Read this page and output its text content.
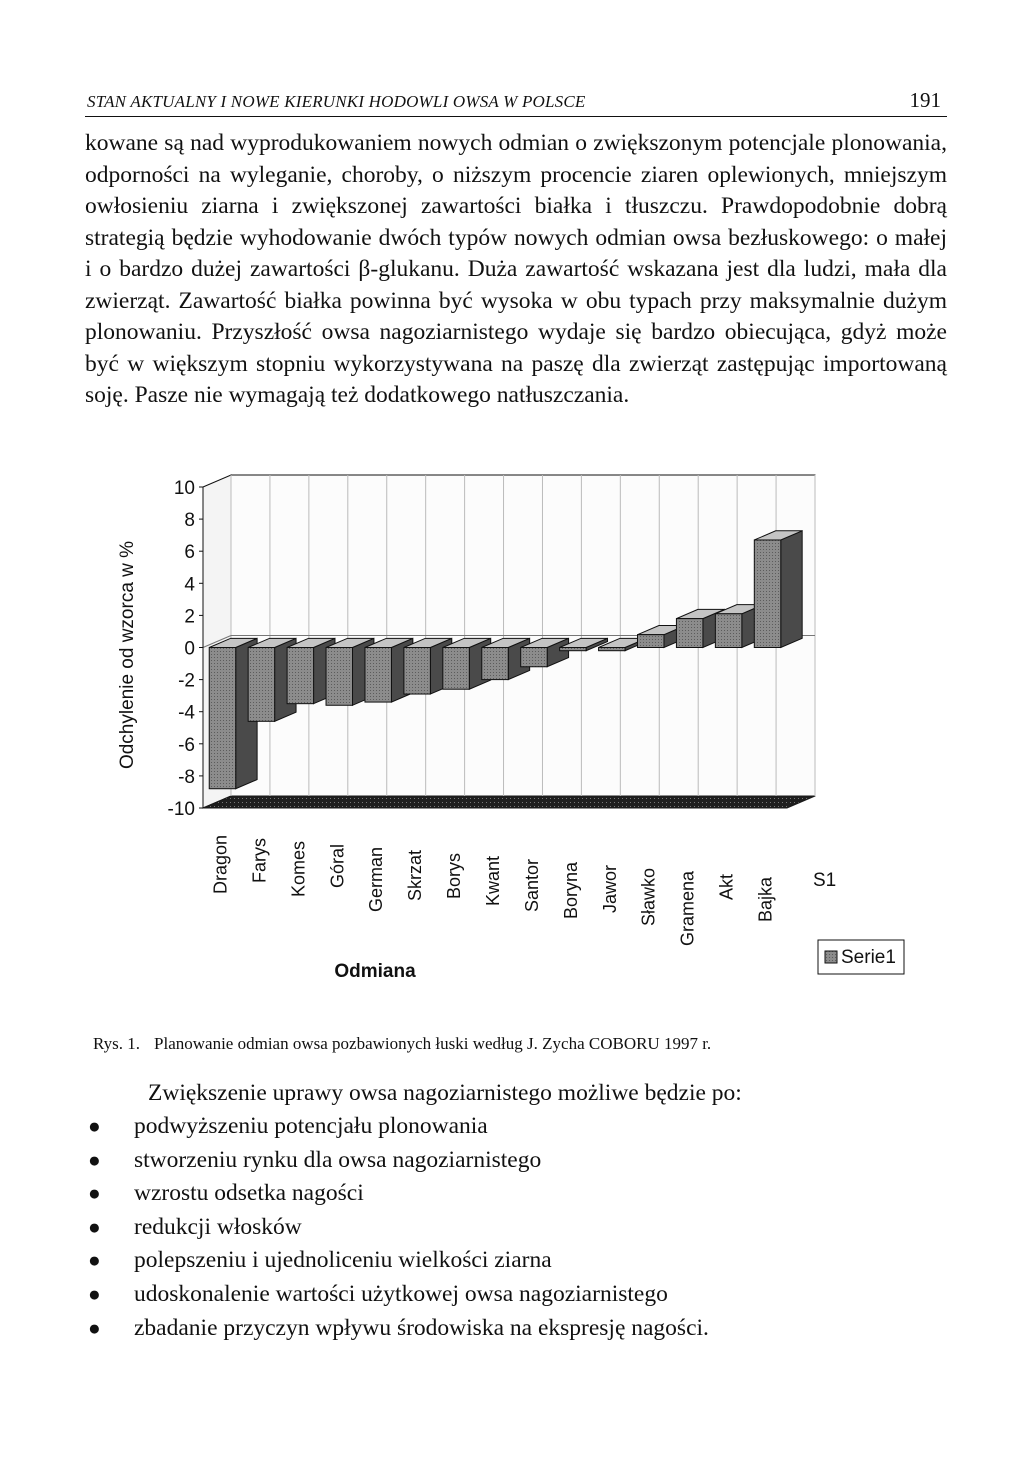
STAN AKTUALNY I NOWE KIERUNKI HODOWLI OWSA W POLSCE	191

kowane są nad wyprodukowaniem nowych odmian o zwiększonym potencjale plonowania, odporności na wyleganie, choroby, o niższym procencie ziaren oplewionych, mniejszym owłosieniu ziarna i zwiększonej zawartości białka i tłuszczu. Prawdopodobnie dobrą strategią będzie wyhodowanie dwóch typów nowych odmian owsa bezłuskowego: o małej i o bardzo dużej zawartości β-glukanu. Duża zawartość wskazana jest dla ludzi, mała dla zwierząt. Zawartość białka powinna być wysoka w obu typach przy maksymalnie dużym plonowaniu. Przyszłość owsa nagoziarnistego wydaje się bardzo obiecująca, gdyż może być w większym stopniu wykorzystywana na paszę dla zwierząt zastępując importowaną soję. Pasze nie wymagają też dodatkowego natłuszczania.

10
8
6
4
2
0
-2
-4
-6
-8
-10
Dragon Farys Komes Góral German Skrzat Borys Kwant Santor Boryna Jawor Sławko Gramena Akt Bajka
Odchylenie od wzorca w %
Odmiana
S1
Serie1
Rys. 1. Planowanie odmian owsa pozbawionych łuski według J. Zycha COBORU 1997 r.

Zwiększenie uprawy owsa nagoziarnistego możliwe będzie po:

● podwyższeniu potencjału plonowania
● stworzeniu rynku dla owsa nagoziarnistego
● wzrostu odsetka nagości
● redukcji włosków
● polepszeniu i ujednoliceniu wielkości ziarna
● udoskonalenie wartości użytkowej owsa nagoziarnistego
● zbadanie przyczyn wpływu środowiska na ekspresję nagości.
